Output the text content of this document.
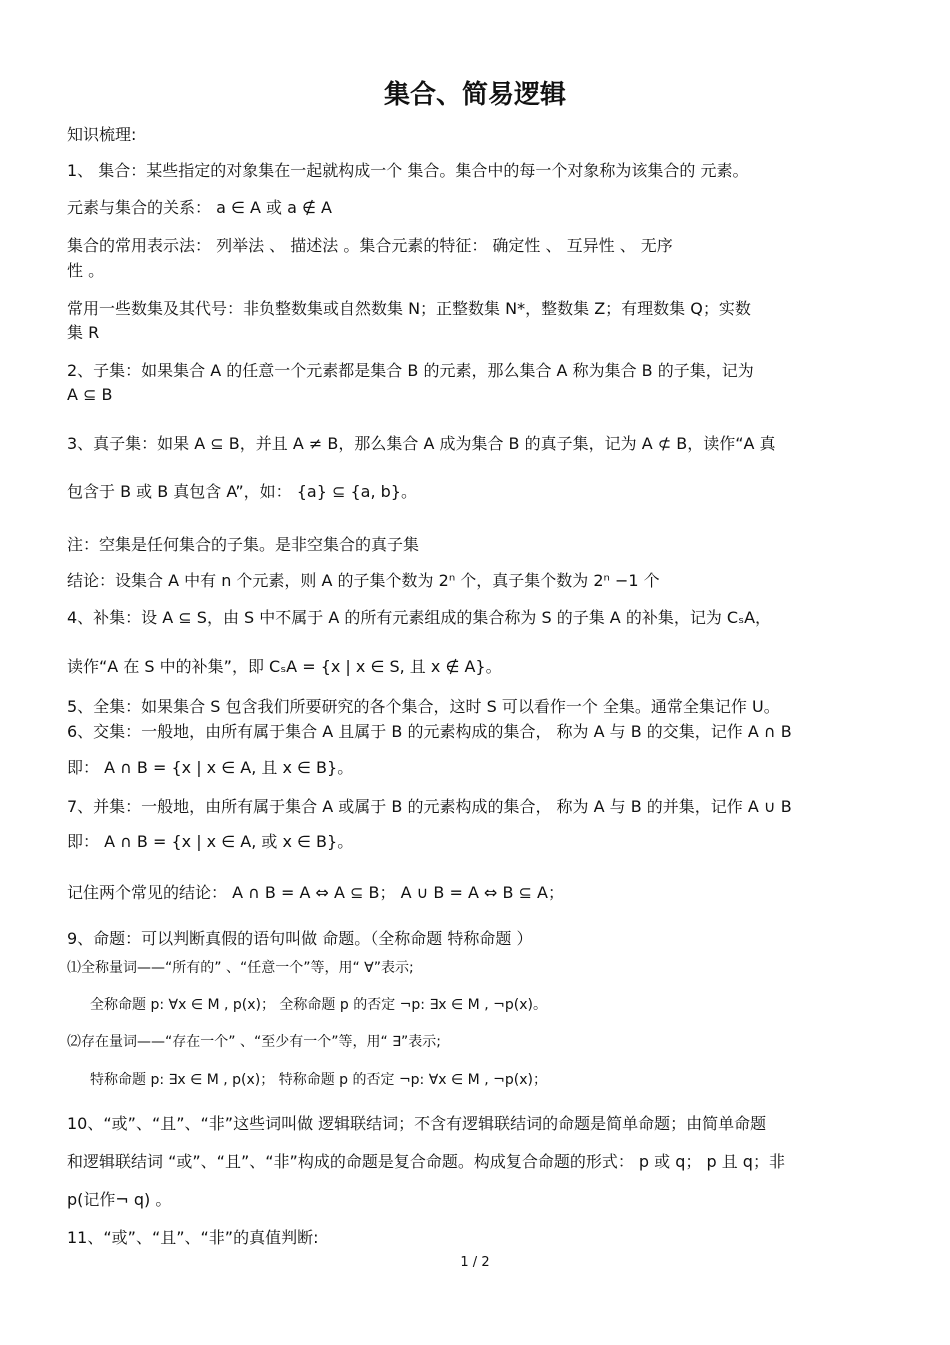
集合、简易逻辑
知识梳理:
1、 集合：某些指定的对象集在一起就构成一个 集合。集合中的每一个对象称为该集合的 元素。
元素与集合的关系： a ∈ A 或 a ∉ A
集合的常用表示法： 列举法 、 描述法 。集合元素的特征： 确定性 、 互异性 、 无序
性 。
常用一些数集及其代号：非负整数集或自然数集 N；正整数集 N*，整数集 Z；有理数集 Q；实数
集 R
2、子集：如果集合 A 的任意一个元素都是集合 B 的元素，那么集合 A 称为集合 B 的子集，记为
A ⊆ B
3、真子集：如果 A ⊆ B，并且 A ≠ B，那么集合 A 成为集合 B 的真子集，记为 A ⊄ B，读作“A 真
包含于 B 或 B 真包含 A”，如： {a} ⊆ {a, b}。
注：空集是任何集合的子集。是非空集合的真子集
结论：设集合 A 中有 n 个元素，则 A 的子集个数为 2ⁿ 个，真子集个数为 2ⁿ −1 个
4、补集：设 A ⊆ S，由 S 中不属于 A 的所有元素组成的集合称为 S 的子集 A 的补集，记为 CₛA，
读作“A 在 S 中的补集”，即 CₛA = {x | x ∈ S, 且 x ∉ A}。
5、全集：如果集合 S 包含我们所要研究的各个集合，这时 S 可以看作一个 全集。通常全集记作 U。
6、交集：一般地，由所有属于集合 A 且属于 B 的元素构成的集合， 称为 A 与 B 的交集，记作 A ∩ B
即： A ∩ B = {x | x ∈ A, 且 x ∈ B}。
7、并集：一般地，由所有属于集合 A 或属于 B 的元素构成的集合， 称为 A 与 B 的并集，记作 A ∪ B
即： A ∩ B = {x | x ∈ A, 或 x ∈ B}。
记住两个常见的结论： A ∩ B = A ⇔ A ⊆ B； A ∪ B = A ⇔ B ⊆ A；
9、命题：可以判断真假的语句叫做 命题。（全称命题 特称命题 ）
⑴全称量词——“所有的” 、“任意一个”等，用“ ∀”表示;
全称命题 p: ∀x ∈ M , p(x)； 全称命题 p 的否定 ¬p: ∃x ∈ M , ¬p(x)。
⑵存在量词——“存在一个” 、“至少有一个”等，用“ ∃”表示;
特称命题 p: ∃x ∈ M , p(x)； 特称命题 p 的否定 ¬p: ∀x ∈ M , ¬p(x)；
10、“或”、“且”、“非”这些词叫做 逻辑联结词；不含有逻辑联结词的命题是简单命题；由简单命题
和逻辑联结词 “或”、“且”、“非”构成的命题是复合命题。构成复合命题的形式： p 或 q； p 且 q；非
p(记作¬ q) 。
11、“或”、“且”、“非”的真值判断:
1 / 2
